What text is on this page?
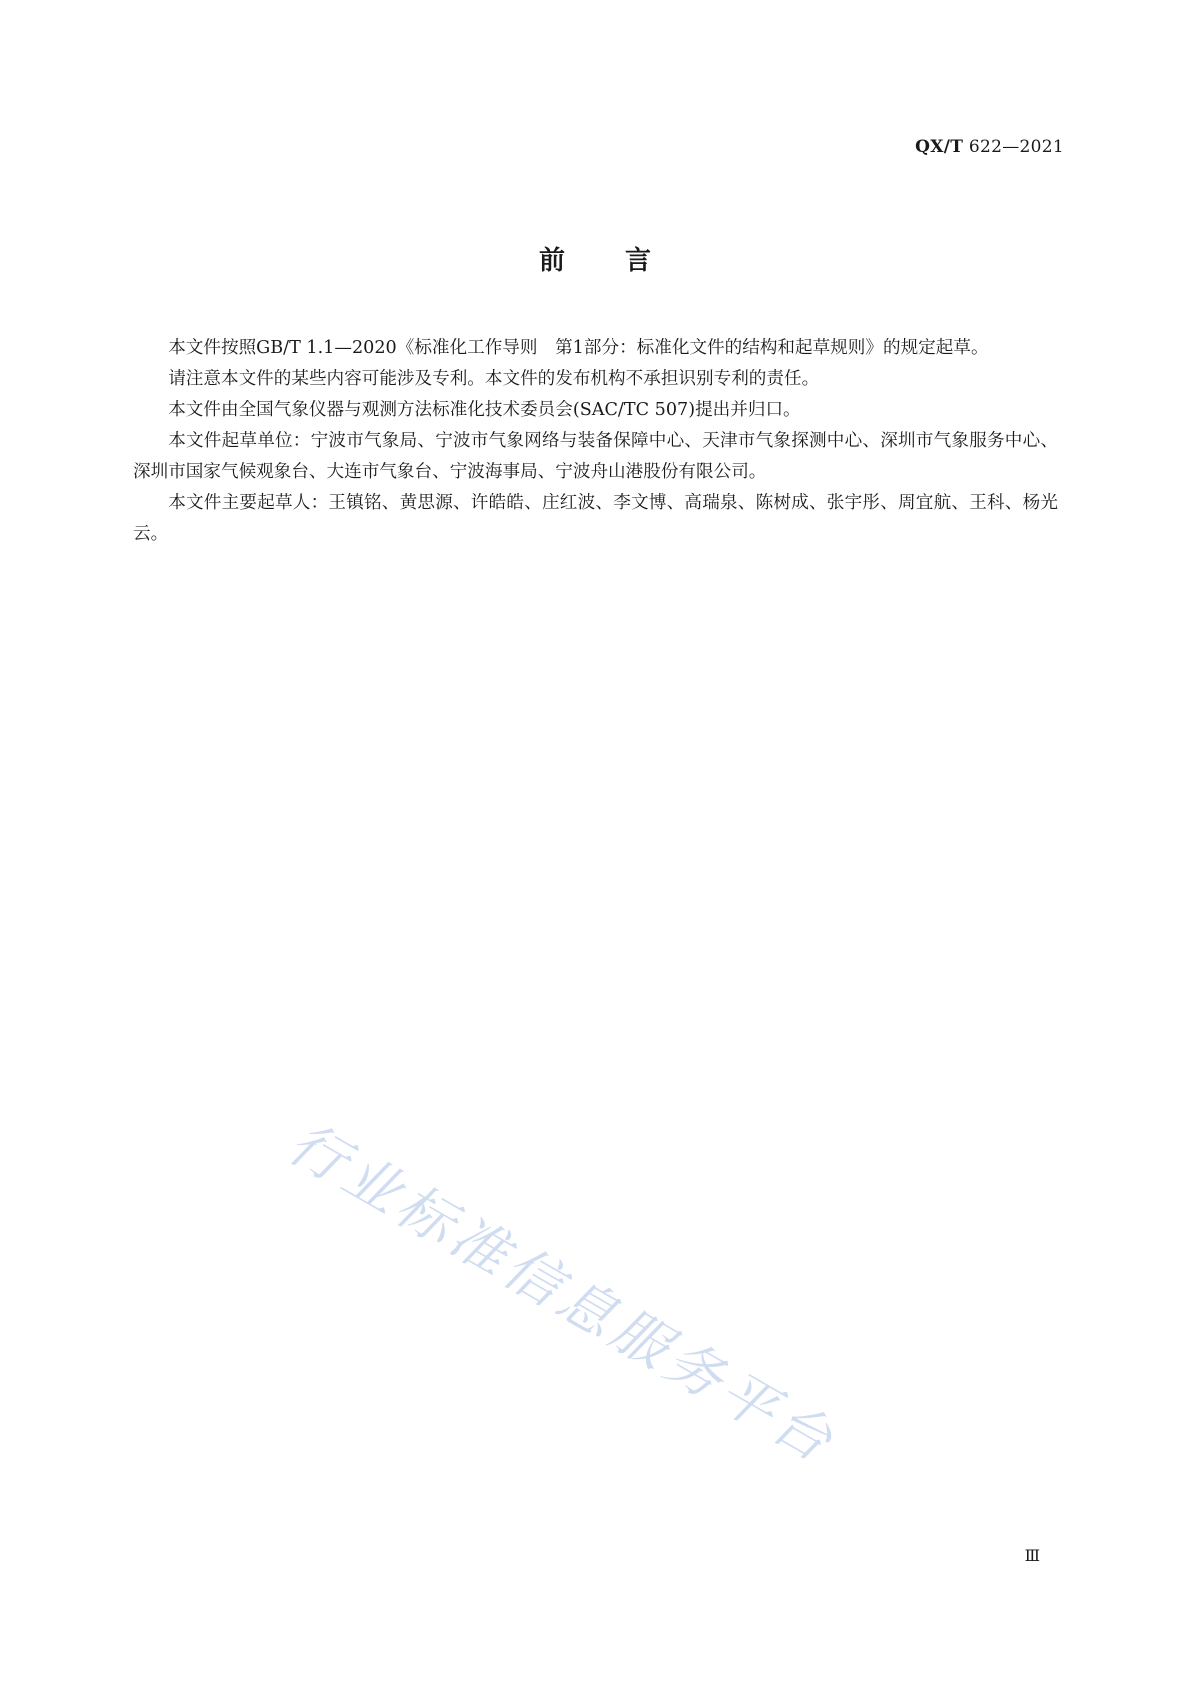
QX/T 622—2021
前言

本文件按照GB/T 1.1—2020《标准化工作导则　第1部分：标准化文件的结构和起草规则》的规定起草。

请注意本文件的某些内容可能涉及专利。本文件的发布机构不承担识别专利的责任。

本文件由全国气象仪器与观测方法标准化技术委员会(SAC/TC 507)提出并归口。

本文件起草单位：宁波市气象局、宁波市气象网络与装备保障中心、天津市气象探测中心、深圳市气象服务中心、深圳市国家气候观象台、大连市气象台、宁波海事局、宁波舟山港股份有限公司。

本文件主要起草人：王镇铭、黄思源、许皓皓、庄红波、李文博、高瑞泉、陈树成、张宇彤、周宜航、王科、杨光云。

行业标准信息服务平台
Ⅲ
